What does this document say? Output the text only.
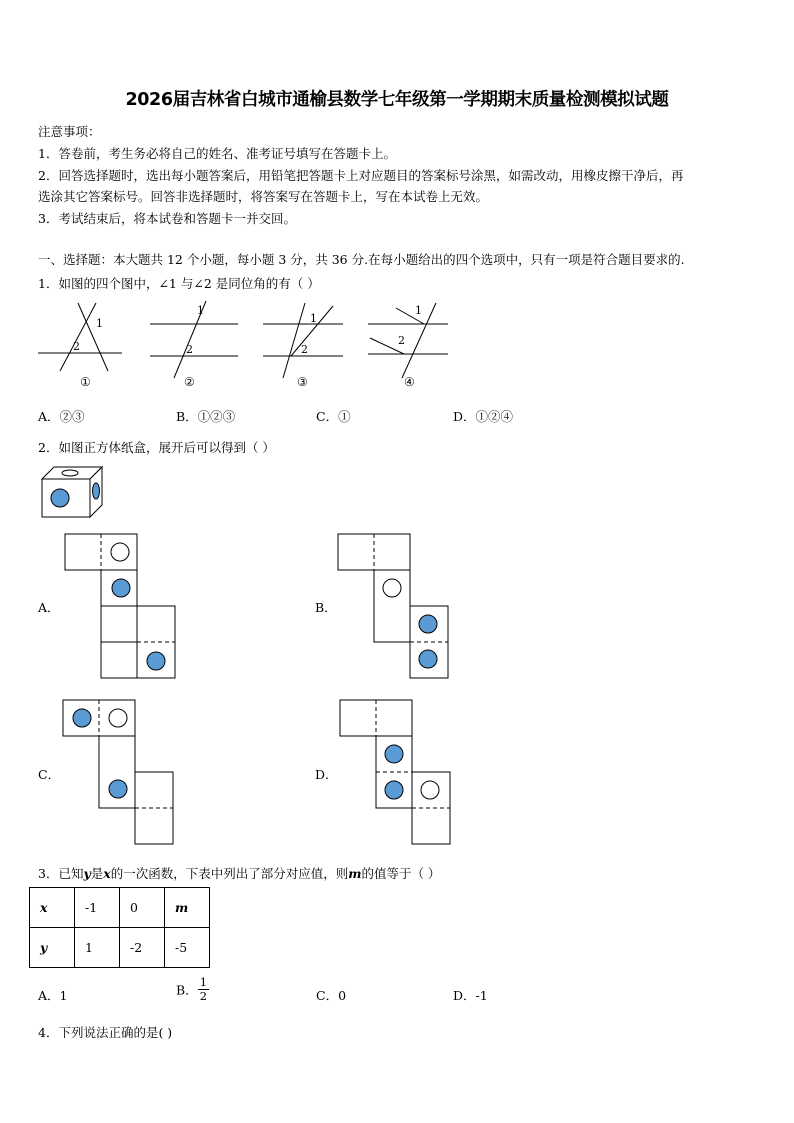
2026届吉林省白城市通榆县数学七年级第一学期期末质量检测模拟试题
注意事项：
1．答卷前，考生务必将自己的姓名、准考证号填写在答题卡上。
2．回答选择题时，选出每小题答案后，用铅笔把答题卡上对应题目的答案标号涂黑，如需改动，用橡皮擦干净后，再
选涂其它答案标号。回答非选择题时，将答案写在答题卡上，写在本试卷上无效。
3．考试结束后，将本试卷和答题卡一并交回。
一、选择题：本大题共 12 个小题，每小题 3 分，共 36 分.在每小题给出的四个选项中，只有一项是符合题目要求的.
1．如图的四个图中，∠1 与∠2 是同位角的有（ ）
1
2
①
1
2
②
1
2
③
1
2
④
A．②③	B．①②③	C．①	D．①②④
2．如图正方体纸盒，展开后可以得到（ ）
A．	B．
C．	D．
3．已知y是x的一次函数，下表中列出了部分对应值，则m的值等于（ ）
x	-1	0	m
y	1	-2	-5
A．1	B． $\frac{1}{2}$	C．0	D．-1
4．下列说法正确的是( )
